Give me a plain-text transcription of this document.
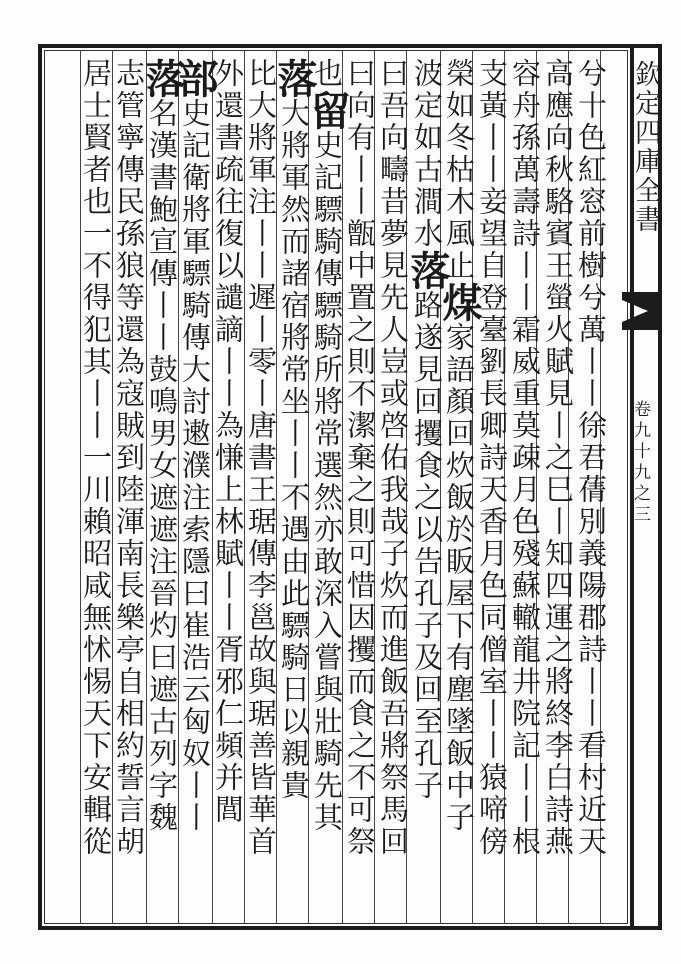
欽定四庫全書
卷九十九之三
兮十色紅窓前樹兮萬丨丨徐君蒨別義陽郡詩丨丨看村近天
高應向秋駱賓王螢火賦見丨之巳丨知四運之將終李白詩燕
容舟孫萬壽詩丨丨霜威重莫疎月色殘蘇轍龍井院記丨丨根
支黃丨丨妾望自登臺劉長卿詩天香月色同僧室丨丨猿啼傍
榮如冬枯木風止煤家語顏回炊飯於眅屋下有塵墜飯中子
波定如古澗水落路遂見回攫食之以告孔子及回至孔子
曰吾向疇昔夢見先人豈或啓佑我哉子炊而進飯吾將祭馬回
曰向有丨丨甑中置之則不潔棄之則可惜因攫而食之不可祭
也留史記驃騎傳驃騎所將常選然亦敢深入嘗與壯騎先其
落大將軍然而諸宿將常坐丨丨不遇由此驃騎日以親貴
比大將軍注丨丨遲丨零丨唐書王琚傳李邕故與琚善皆華首
外還書疏往復以譴謫丨丨為慊上林賦丨丨胥邪仁頻并閭
部史記衛將軍驃騎傳大討遫濮注索隱曰崔浩云匈奴丨丨
落名漢書鮑宣傳丨丨鼓鳴男女遮遮注晉灼曰遮古列字魏
志管寧傳民孫狼等還為寇賊到陸渾南長樂亭自相約誓言胡
居士賢者也一不得犯其丨丨一川賴昭咸無怵惕天下安輯從
